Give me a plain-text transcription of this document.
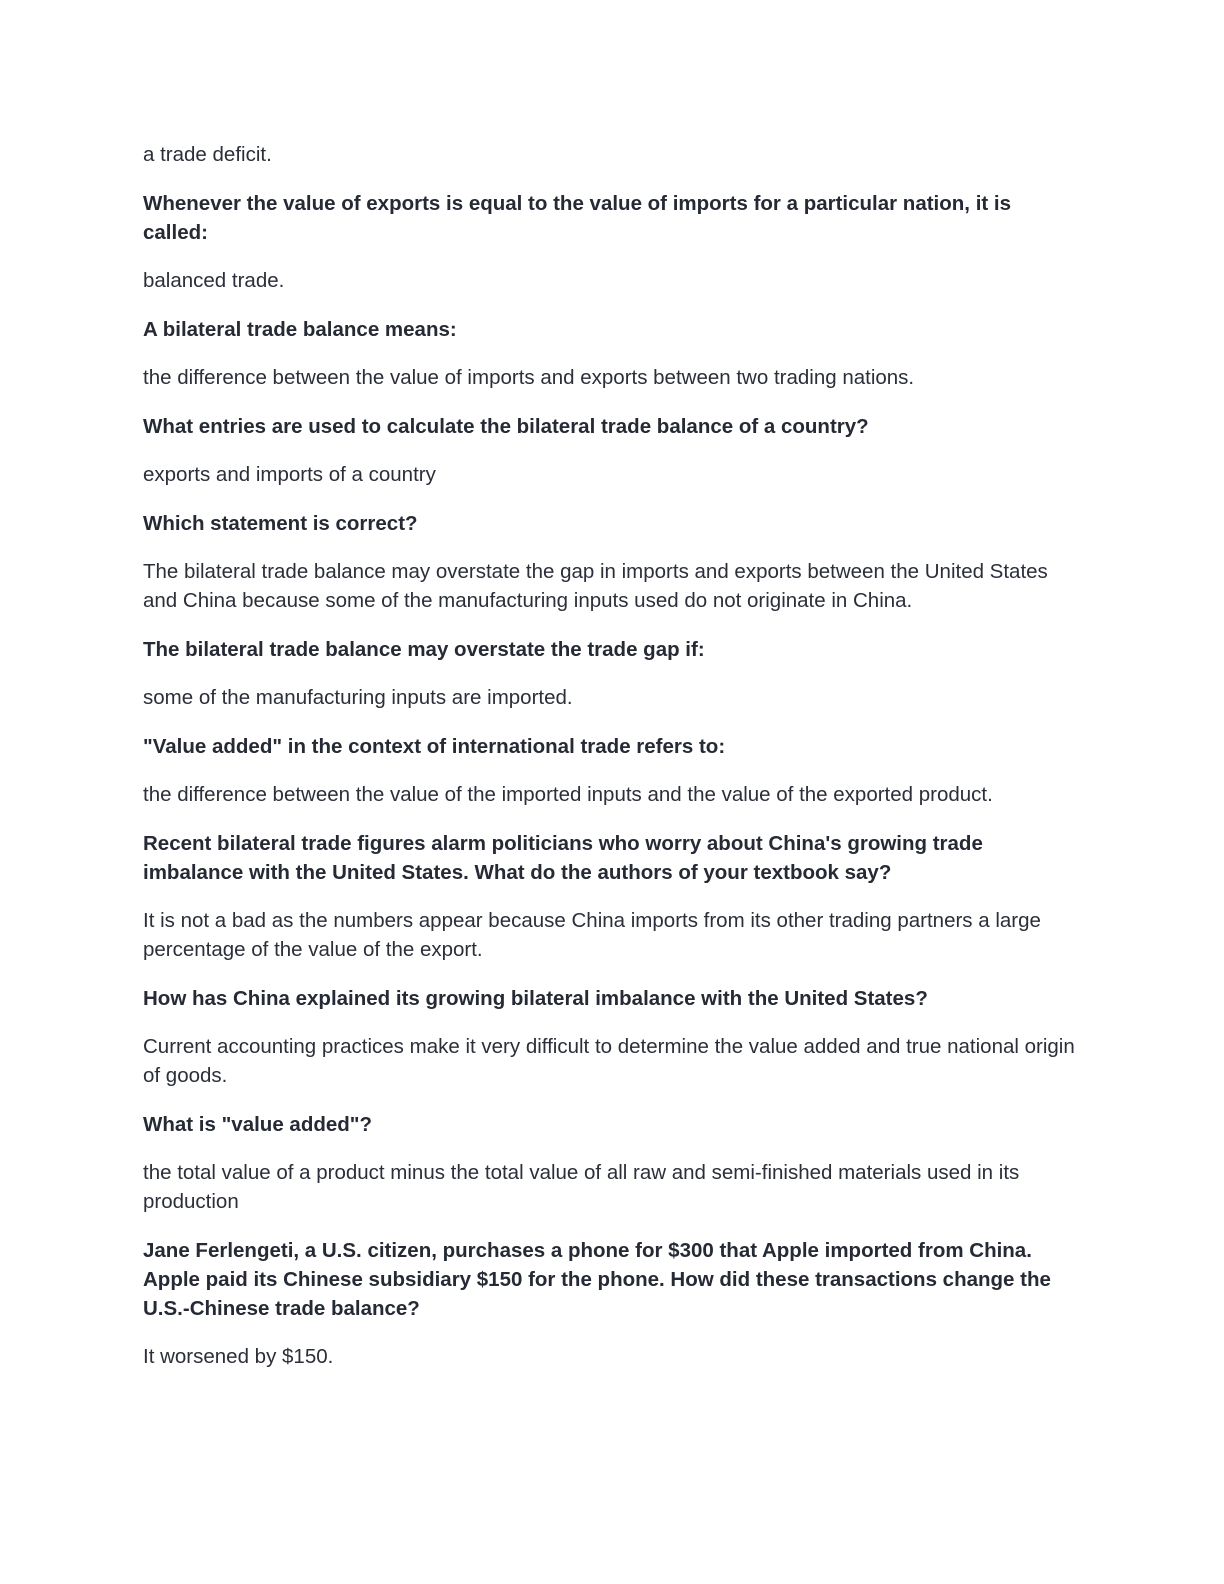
a trade deficit.

Whenever the value of exports is equal to the value of imports for a particular nation, it is called:

balanced trade.

A bilateral trade balance means:

the difference between the value of imports and exports between two trading nations.

What entries are used to calculate the bilateral trade balance of a country?

exports and imports of a country

Which statement is correct?

The bilateral trade balance may overstate the gap in imports and exports between the United States and China because some of the manufacturing inputs used do not originate in China.

The bilateral trade balance may overstate the trade gap if:

some of the manufacturing inputs are imported.

"Value added" in the context of international trade refers to:

the difference between the value of the imported inputs and the value of the exported product.

Recent bilateral trade figures alarm politicians who worry about China's growing trade imbalance with the United States. What do the authors of your textbook say?

It is not a bad as the numbers appear because China imports from its other trading partners a large percentage of the value of the export.

How has China explained its growing bilateral imbalance with the United States?

Current accounting practices make it very difficult to determine the value added and true national origin of goods.

What is "value added"?

the total value of a product minus the total value of all raw and semi-finished materials used in its production

Jane Ferlengeti, a U.S. citizen, purchases a phone for $300 that Apple imported from China. Apple paid its Chinese subsidiary $150 for the phone. How did these transactions change the U.S.-Chinese trade balance?

It worsened by $150.
